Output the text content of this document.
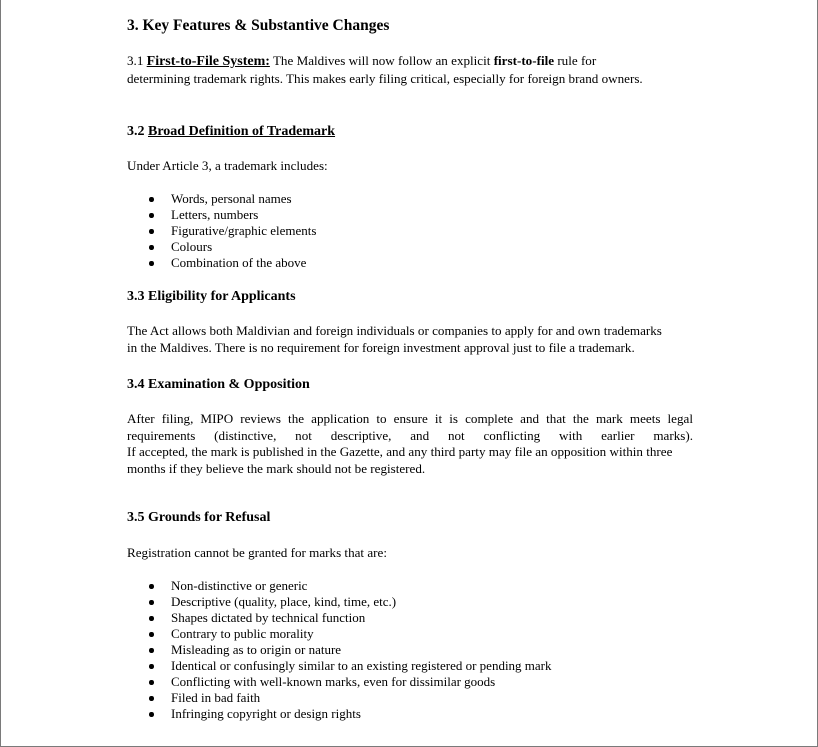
3. Key Features & Substantive Changes
3.1 First-to-File System: The Maldives will now follow an explicit first-to-file rule for
determining trademark rights. This makes early filing critical, especially for foreign brand owners.
3.2 Broad Definition of Trademark
Under Article 3, a trademark includes:
Words, personal names
Letters, numbers
Figurative/graphic elements
Colours
Combination of the above
3.3 Eligibility for Applicants
The Act allows both Maldivian and foreign individuals or companies to apply for and own trademarks
in the Maldives. There is no requirement for foreign investment approval just to file a trademark.
3.4 Examination & Opposition
After filing, MIPO reviews the application to ensure it is complete and that the mark meets legal
requirements (distinctive, not descriptive, and not conflicting with earlier marks).
If accepted, the mark is published in the Gazette, and any third party may file an opposition within three
months if they believe the mark should not be registered.
3.5 Grounds for Refusal
Registration cannot be granted for marks that are:
Non-distinctive or generic
Descriptive (quality, place, kind, time, etc.)
Shapes dictated by technical function
Contrary to public morality
Misleading as to origin or nature
Identical or confusingly similar to an existing registered or pending mark
Conflicting with well-known marks, even for dissimilar goods
Filed in bad faith
Infringing copyright or design rights
